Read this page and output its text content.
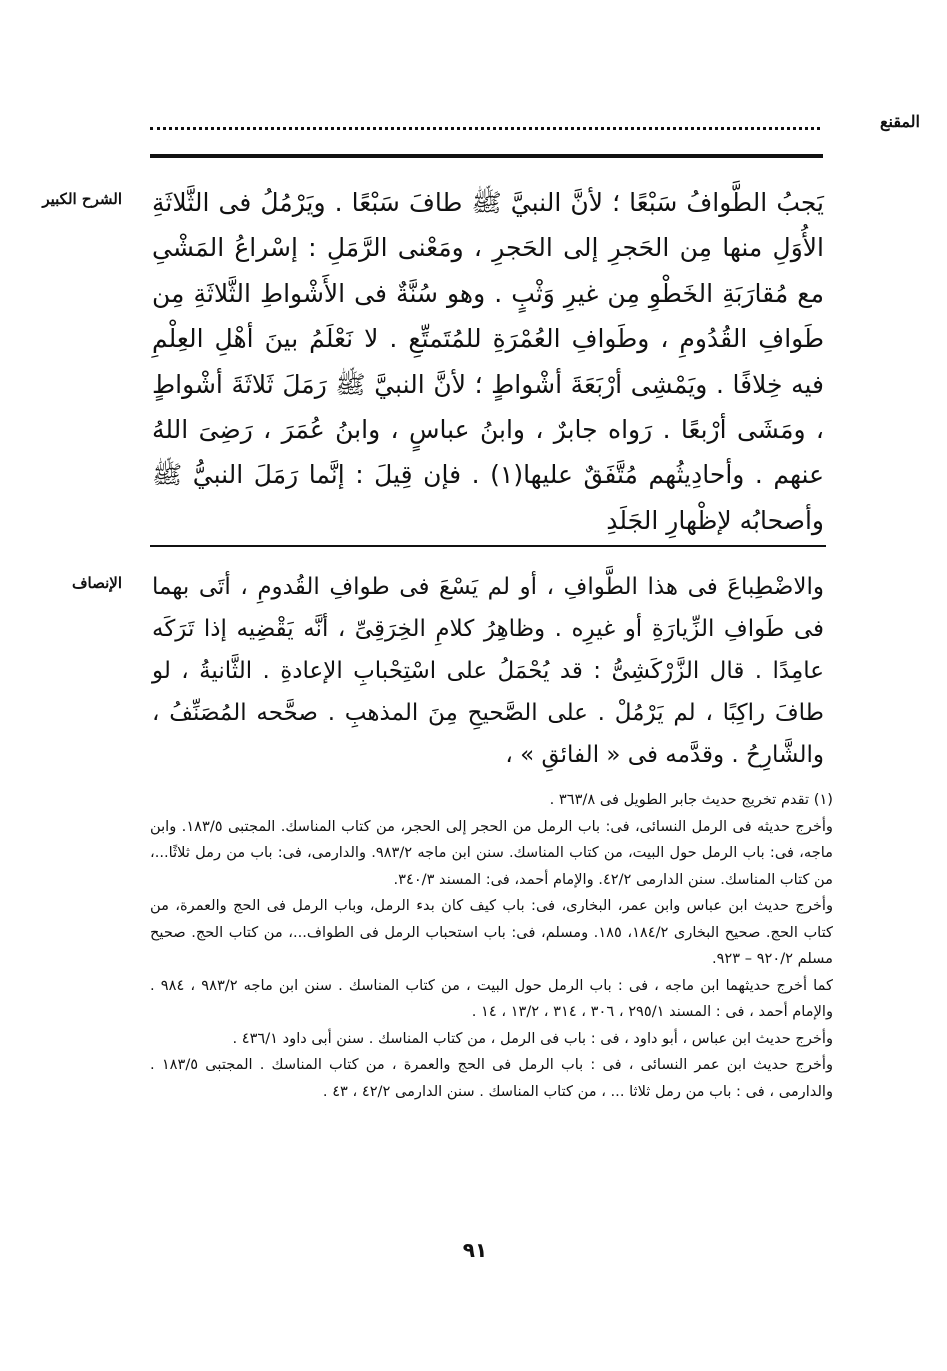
المقنع
الشرح الكبير يَجبُ الطَّوافُ سَبْعًا ؛ لأنَّ النبيَّ ﷺ طافَ سَبْعًا . ويَرْمُلُ فى الثَّلاثَةِ الأُوَلِ منها مِن الحَجرِ إلى الحَجرِ ، ومَعْنى الرَّمَلِ : إسْراعُ المَشْىِ مع مُقارَبَةِ الخَطْوِ مِن غيرِ وَثْبٍ . وهو سُنَّةٌ فى الأَشْواطِ الثَّلاثَةِ مِن طَوافِ القُدُومِ ، وطَوافِ العُمْرَةِ للمُتَمتِّعِ . لا نَعْلَمُ بينَ أهْلِ العِلْمِ فيه خِلافًا . ويَمْشِى أرْبَعَةَ أشْواطٍ ؛ لأنَّ النبيَّ ﷺ رَمَلَ ثَلاثَةَ أشْواطٍ ، ومَشَى أرْبعًا . رَواه جابرٌ ، وابنُ عباسٍ ، وابنُ عُمَرَ ، رَضِىَ اللهُ عنهم . وأحادِيثُهم مُتَّفَقٌ عليها(١) . فإن قِيلَ : إنَّما رَمَلَ النبيُّ ﷺ وأصحابُه لإظْهارِ الجَلَدِ
الإنصاف والاضْطِباعَ فى هذا الطَّوافِ ، أو لم يَسْعَ فى طوافِ القُدومِ ، أتَى بهما فى طَوافِ الزِّيارَةِ أو غيرِه . وظاهِرُ كلامِ الخِرَقِىِّ ، أنَّه يَقْضِيه إذا تَرَكَه عامِدًا . قال الزَّرْكَشِىُّ : قد يُحْمَلُ على اسْتِحْبابِ الإعادةِ . الثَّانيةُ ، لو طافَ راكِبًا ، لم يَرْمُلْ . على الصَّحيحِ مِنَ المذهبِ . صحَّحه المُصَنِّفُ ، والشَّارِحُ . وقدَّمه فى « الفائقِ » ،
(١) تقدم تخريج حديث جابر الطويل فى ٣٦٣/٨ .
وأخرج حديثه فى الرمل النسائى، فى: باب الرمل من الحجر إلى الحجر، من كتاب المناسك. المجتبى ١٨٣/٥. وابن ماجه، فى: باب الرمل حول البيت، من كتاب المناسك. سنن ابن ماجه ٩٨٣/٢. والدارمى، فى: باب من رمل ثلاثًا...، من كتاب المناسك. سنن الدارمى ٤٢/٢. والإمام أحمد، فى: المسند ٣٤٠/٣.
وأخرج حديث ابن عباس وابن عمر، البخارى، فى: باب كيف كان بدء الرمل، وباب الرمل فى الحج والعمرة، من كتاب الحج. صحيح البخارى ١٨٤/٢، ١٨٥. ومسلم، فى: باب استحباب الرمل فى الطواف...، من كتاب الحج. صحيح مسلم ٩٢٠/٢ – ٩٢٣.
كما أخرج حديثهما ابن ماجه ، فى : باب الرمل حول البيت ، من كتاب المناسك . سنن ابن ماجه ٩٨٣/٢ ، ٩٨٤ . والإمام أحمد ، فى : المسند ٢٩٥/١ ، ٣٠٦ ، ٣١٤ ، ١٣/٢ ، ١٤ .
وأخرج حديث ابن عباس ، أبو داود ، فى : باب فى الرمل ، من كتاب المناسك . سنن أبى داود ٤٣٦/١ .
وأخرج حديث ابن عمر النسائى ، فى : باب الرمل فى الحج والعمرة ، من كتاب المناسك . المجتبى ١٨٣/٥ . والدارمى ، فى : باب من رمل ثلاثا ... ، من كتاب المناسك . سنن الدارمى ٤٢/٢ ، ٤٣ .
٩١
